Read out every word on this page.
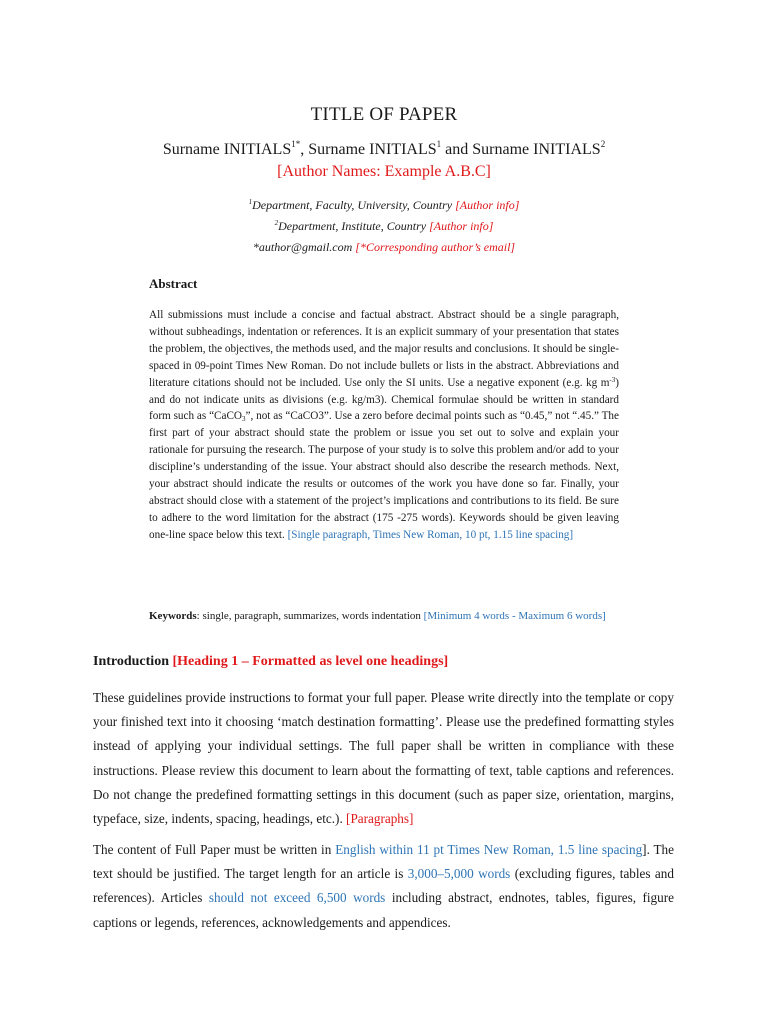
TITLE OF PAPER
Surname $INITIALS^{1*}$, Surname INITIALS$^1$ and Surname INITIALS$^2$
[Author Names: Example A.B.C]
$^1$Department, Faculty, University, Country [Author info]
$^2$Department, Institute, Country [Author info]
*author@gmail.com [*Corresponding author’s email]
Abstract
All submissions must include a concise and factual abstract. Abstract should be a single paragraph, without subheadings, indentation or references. It is an explicit summary of your presentation that states the problem, the objectives, the methods used, and the major results and conclusions. It should be single-spaced in 09-point Times New Roman. Do not include bullets or lists in the abstract. Abbreviations and literature citations should not be included. Use only the SI units. Use a negative exponent (e.g. kg $m^{-3}$) and do not indicate units as divisions (e.g. kg/m3). Chemical formulae should be written in standard form such as “CaCO$_3$”, not as “CaCO3”. Use a zero before decimal points such as “0.45,” not “.45.” The first part of your abstract should state the problem or issue you set out to solve and explain your rationale for pursuing the research. The purpose of your study is to solve this problem and/or add to your discipline’s understanding of the issue. Your abstract should also describe the research methods. Next, your abstract should indicate the results or outcomes of the work you have done so far. Finally, your abstract should close with a statement of the project’s implications and contributions to its field. Be sure to adhere to the word limitation for the abstract (175 -275 words). Keywords should be given leaving one-line space below this text. [Single paragraph, Times New Roman, 10 pt, 1.15 line spacing]
Keywords: single, paragraph, summarizes, words indentation [Minimum 4 words - Maximum 6 words]
Introduction [Heading 1 – Formatted as level one headings]
These guidelines provide instructions to format your full paper. Please write directly into the template or copy your finished text into it choosing ‘match destination formatting’. Please use the predefined formatting styles instead of applying your individual settings. The full paper shall be written in compliance with these instructions. Please review this document to learn about the formatting of text, table captions and references. Do not change the predefined formatting settings in this document (such as paper size, orientation, margins, typeface, size, indents, spacing, headings, etc.). [Paragraphs]
The content of Full Paper must be written in English within 11 pt Times New Roman, 1.5 line spacing]. The text should be justified. The target length for an article is 3,000–5,000 words (excluding figures, tables and references). Articles should not exceed 6,500 words including abstract, endnotes, tables, figures, figure captions or legends, references, acknowledgements and appendices.
